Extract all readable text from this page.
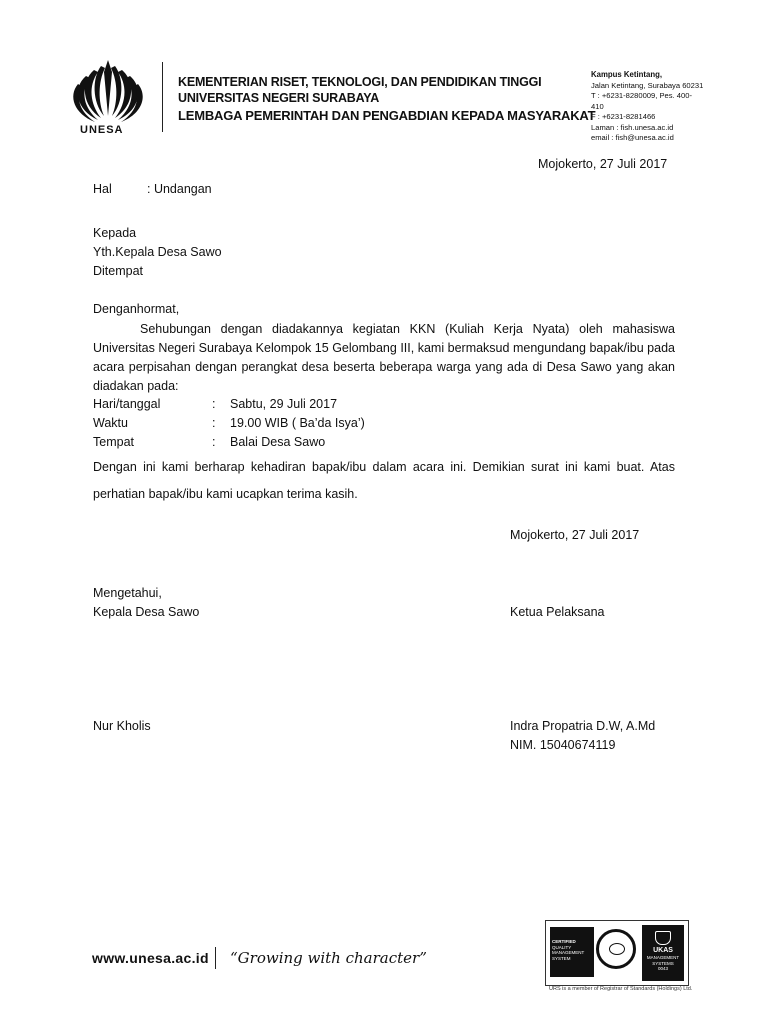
UNESA
KEMENTERIAN RISET, TEKNOLOGI, DAN PENDIDIKAN TINGGI
UNIVERSITAS NEGERI SURABAYA
LEMBAGA PEMERINTAH DAN PENGABDIAN KEPADA MASYARAKAT
Kampus Ketintang,
Jalan Ketintang, Surabaya 60231
T : +6231-8280009, Pes. 400-
410
F : +6231-8281466
Laman : fish.unesa.ac.id
email : fish@unesa.ac.id
Mojokerto, 27 Juli 2017
Hal	: Undangan
Kepada
Yth.Kepala Desa Sawo
Ditempat
Denganhormat,
Sehubungan dengan diadakannya kegiatan KKN (Kuliah Kerja Nyata) oleh mahasiswa Universitas Negeri Surabaya Kelompok 15 Gelombang III, kami bermaksud mengundang bapak/ibu pada acara perpisahan dengan perangkat desa beserta beberapa warga yang ada di Desa Sawo yang akan diadakan pada:
Hari/tanggal	: Sabtu, 29 Juli 2017
Waktu	: 19.00 WIB ( Ba’da Isya’)
Tempat	: Balai Desa Sawo
Dengan ini kami berharap kehadiran bapak/ibu dalam acara ini. Demikian surat ini kami buat. Atas perhatian bapak/ibu kami ucapkan terima kasih.
Mojokerto, 27 Juli 2017
Mengetahui,
Kepala Desa Sawo	Ketua Pelaksana
Nur Kholis	Indra Propatria D.W, A.Md
NIM. 15040674119
www.unesa.ac.id “Growing with character”
CERTIFIED
QUALITY
MANAGEMENT
SYSTEM
UKAS
MANAGEMENT
SYSTEMS
0043
URS is a member of Registrar of Standards (Holdings) Ltd.
